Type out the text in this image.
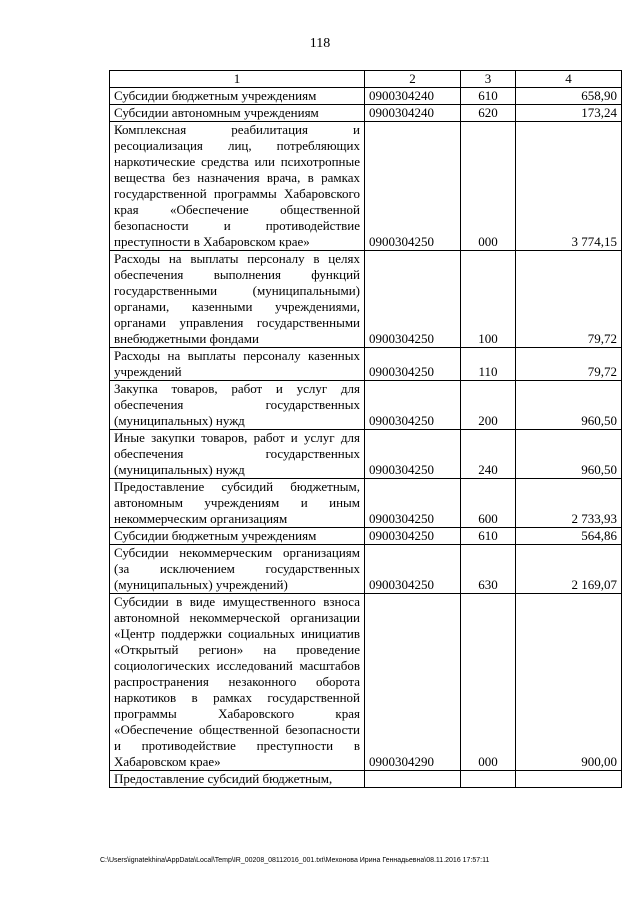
118
1	2	3	4
Субсидии бюджетным учреждениям	0900304240	610	658,90
Субсидии автономным учреждениям	0900304240	620	173,24
Комплексная реабилитация и ресоциализация лиц, потребляющих наркотические средства или психотропные вещества без назначения врача, в рамках государственной программы Хабаровского края «Обеспечение общественной безопасности и противодействие преступности в Хабаровском крае»	0900304250	000	3 774,15
Расходы на выплаты персоналу в целях обеспечения выполнения функций государственными (муниципальными) органами, казенными учреждениями, органами управления государственными внебюджетными фондами	0900304250	100	79,72
Расходы на выплаты персоналу казенных учреждений	0900304250	110	79,72
Закупка товаров, работ и услуг для обеспечения государственных (муниципальных) нужд	0900304250	200	960,50
Иные закупки товаров, работ и услуг для обеспечения государственных (муниципальных) нужд	0900304250	240	960,50
Предоставление субсидий бюджетным, автономным учреждениям и иным некоммерческим организациям	0900304250	600	2 733,93
Субсидии бюджетным учреждениям	0900304250	610	564,86
Субсидии некоммерческим организациям (за исключением государственных (муниципальных) учреждений)	0900304250	630	2 169,07
Субсидии в виде имущественного взноса автономной некоммерческой организации «Центр поддержки социальных инициатив «Открытый регион» на проведение социологических исследований масштабов распространения незаконного оборота наркотиков в рамках государственной программы Хабаровского края «Обеспечение общественной безопасности и противодействие преступности в Хабаровском крае»	0900304290	000	900,00
Предоставление субсидий бюджетным,			
C:\Users\ignatekhina\AppData\Local\Temp\IR_00208_08112016_001.txt\Мехонова Ирина Геннадьевна\08.11.2016 17:57:11
